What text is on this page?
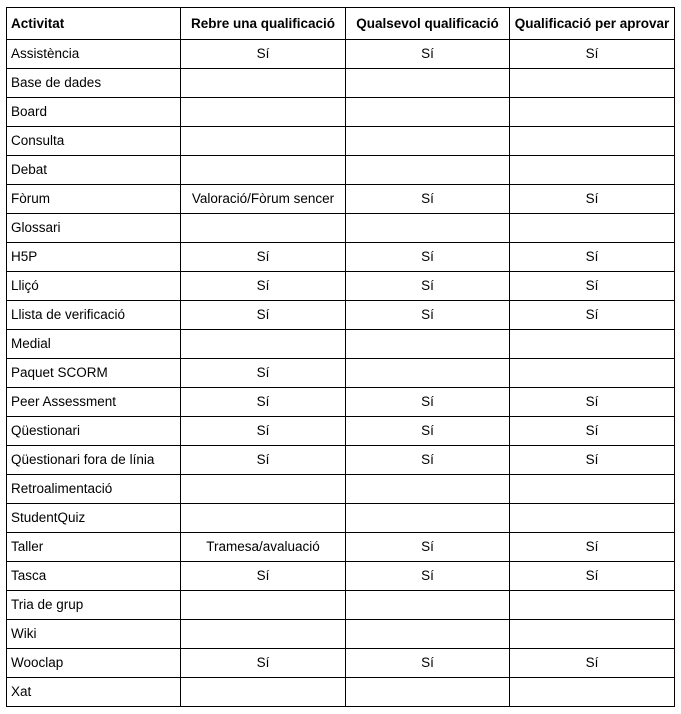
Activitat	Rebre una qualificació	Qualsevol qualificació	Qualificació per aprovar
Assistència	Sí	Sí	Sí
Base de dades			
Board			
Consulta			
Debat			
Fòrum	Valoració/Fòrum sencer	Sí	Sí
Glossari			
H5P	Sí	Sí	Sí
Lliçó	Sí	Sí	Sí
Llista de verificació	Sí	Sí	Sí
Medial			
Paquet SCORM	Sí		
Peer Assessment	Sí	Sí	Sí
Qüestionari	Sí	Sí	Sí
Qüestionari fora de línia	Sí	Sí	Sí
Retroalimentació			
StudentQuiz			
Taller	Tramesa/avaluació	Sí	Sí
Tasca	Sí	Sí	Sí
Tria de grup			
Wiki			
Wooclap	Sí	Sí	Sí
Xat			
